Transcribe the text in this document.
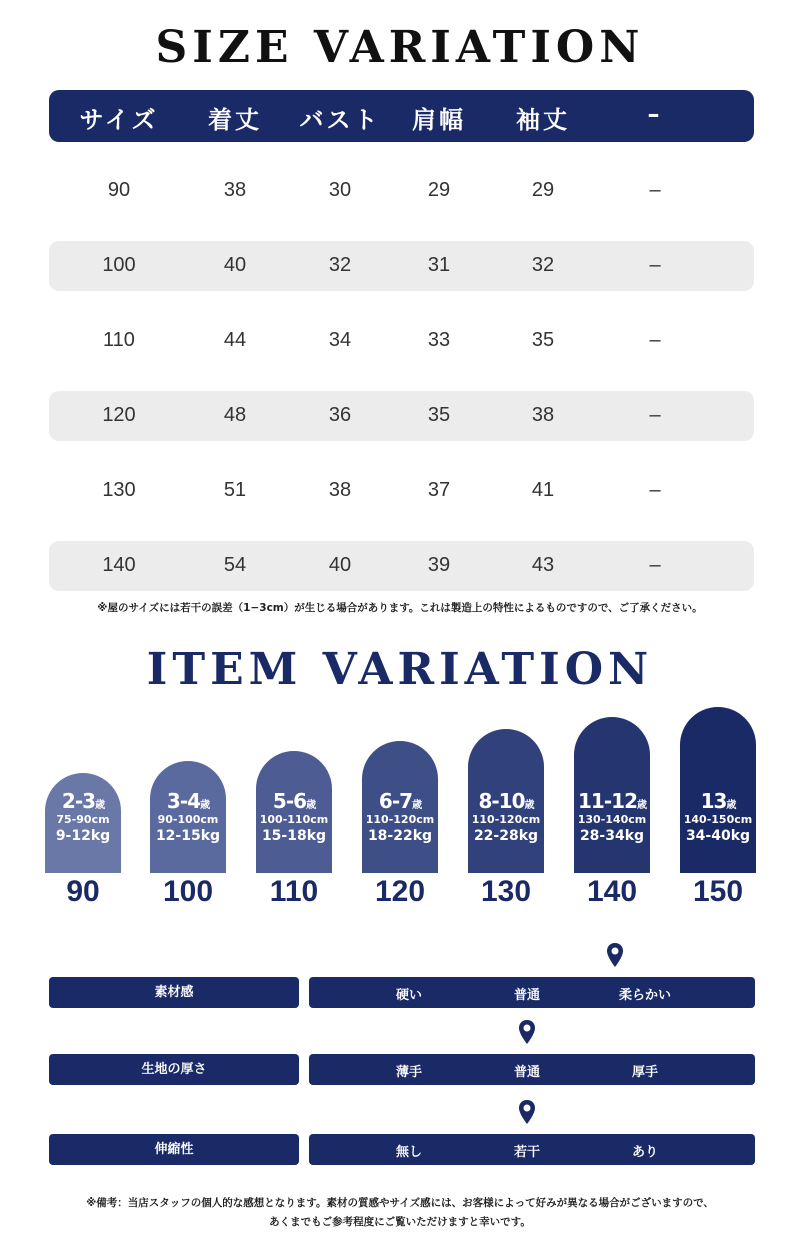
SIZE VARIATION
サイズ	着丈	バスト	肩幅	袖丈	–
90	38	30	29	29	–
100	40	32	31	32	–
110	44	34	33	35	–
120	48	36	35	38	–
130	51	38	37	41	–
140	54	40	39	43	–
※屋のサイズには若干の誤差（1−3cm）が生じる場合があります。これは製造上の特性によるものですので、ご了承ください。
ITEM VARIATION
2-3歳
75-90cm
9-12kg
90
3-4歳
90-100cm
12-15kg
100
5-6歳
100-110cm
15-18kg
110
6-7歳
110-120cm
18-22kg
120
8-10歳
110-120cm
22-28kg
130
11-12歳
130-140cm
28-34kg
140
13歳
140-150cm
34-40kg
150
素材感	硬い	普通	柔らかい
生地の厚さ	薄手	普通	厚手
伸縮性	無し	若干	あり
※備考：当店スタッフの個人的な感想となります。素材の質感やサイズ感には、お客様によって好みが異なる場合がございますので、
あくまでもご参考程度にご覧いただけますと幸いです。
